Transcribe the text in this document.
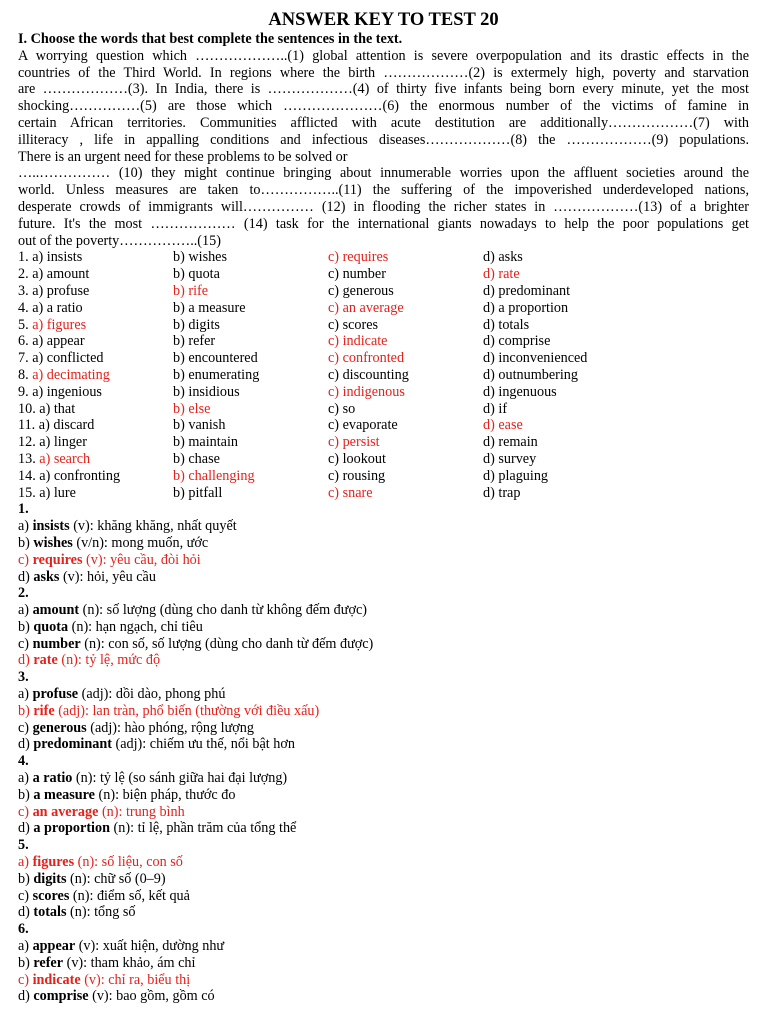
ANSWER KEY TO TEST 20
I. Choose the words that best complete the sentences in the text.
A worrying question which ………………..(1) global attention is severe overpopulation and its drastic effects in the
countries of the Third World. In regions where the birth ………………(2) is extermely high, poverty and starvation
are ………………(3). In India, there is ………………(4) of thirty five infants being born every minute, yet the most
shocking……………(5) are those which …………………(6) the enormous number of the victims of famine in
certain African territories. Communities afflicted with acute destitution are additionally………………(7) with
illiteracy , life in appalling conditions and infectious diseases………………(8) the ………………(9) populations.
There is an urgent need for these problems to be solved or
…..…………… (10) they might continue bringing about innumerable worries upon the affluent societies around the
world. Unless measures are taken to……………..(11) the suffering of the impoverished underdeveloped nations,
desperate crowds of immigrants will…………… (12) in flooding the richer states in ………………(13) of a brighter
future. It's the most ……………… (14) task for the international giants nowadays to help the poor populations get
out of the poverty……………..(15)
1. a) insists	b) wishes	c) requires	d) asks
2. a) amount	b) quota	c) number	d) rate
3. a) profuse	b) rife	c) generous	d) predominant
4. a) a ratio	b) a measure	c) an average	d) a proportion
5. a) figures	b) digits	c) scores	d) totals
6. a) appear	b) refer	c) indicate	d) comprise
7. a) conflicted	b) encountered	c) confronted	d) inconvenienced
8. a) decimating	b) enumerating	c) discounting	d) outnumbering
9. a) ingenious	b) insidious	c) indigenous	d) ingenuous
10. a) that	b) else	c) so	d) if
11. a) discard	b) vanish	c) evaporate	d) ease
12. a) linger	b) maintain	c) persist	d) remain
13. a) search	b) chase	c) lookout	d) survey
14. a) confronting	b) challenging	c) rousing	d) plaguing
15. a) lure	b) pitfall	c) snare	d) trap
1.
a) insists (v): khăng khăng, nhất quyết
b) wishes (v/n): mong muốn, ước
c) requires (v): yêu cầu, đòi hỏi
d) asks (v): hỏi, yêu cầu
2.
a) amount (n): số lượng (dùng cho danh từ không đếm được)
b) quota (n): hạn ngạch, chỉ tiêu
c) number (n): con số, số lượng (dùng cho danh từ đếm được)
d) rate (n): tỷ lệ, mức độ
3.
a) profuse (adj): dồi dào, phong phú
b) rife (adj): lan tràn, phổ biến (thường với điều xấu)
c) generous (adj): hào phóng, rộng lượng
d) predominant (adj): chiếm ưu thế, nổi bật hơn
4.
a) a ratio (n): tỷ lệ (so sánh giữa hai đại lượng)
b) a measure (n): biện pháp, thước đo
c) an average (n): trung bình
d) a proportion (n): tỉ lệ, phần trăm của tổng thể
5.
a) figures (n): số liệu, con số
b) digits (n): chữ số (0–9)
c) scores (n): điểm số, kết quả
d) totals (n): tổng số
6.
a) appear (v): xuất hiện, dường như
b) refer (v): tham khảo, ám chỉ
c) indicate (v): chỉ ra, biểu thị
d) comprise (v): bao gồm, gồm có
